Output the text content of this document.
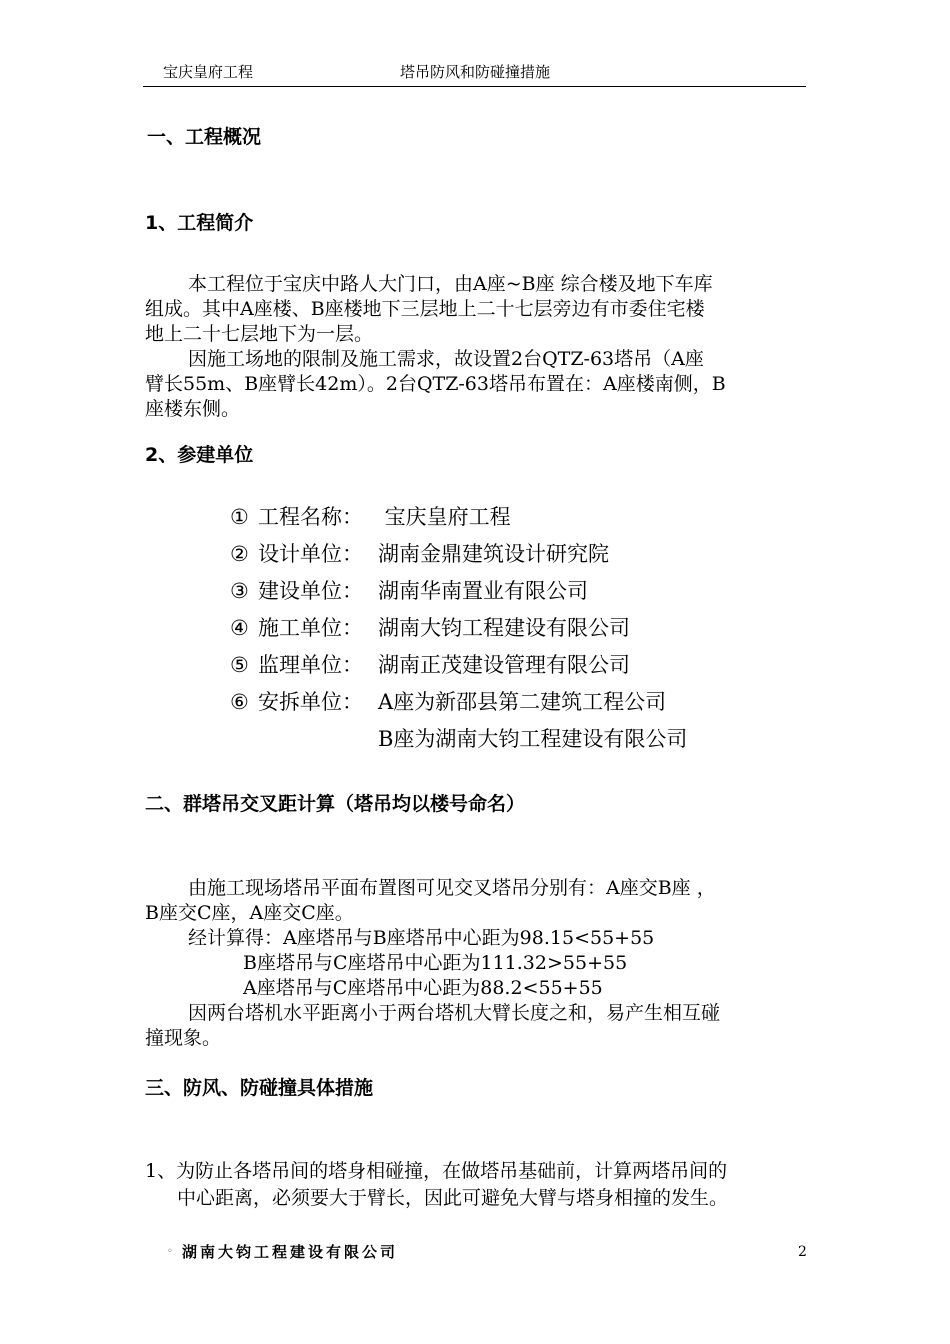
宝庆皇府工程	塔吊防风和防碰撞措施
一、工程概况
1、工程简介
本工程位于宝庆中路人大门口，由A座~B座 综合楼及地下车库
组成。其中A座楼、B座楼地下三层地上二十七层旁边有市委住宅楼
地上二十七层地下为一层。
因施工场地的限制及施工需求，故设置2台QTZ-63塔吊（A座
臂长55m、B座臂长42m）。2台QTZ-63塔吊布置在：A座楼南侧，B
座楼东侧。
2、参建单位
① 工程名称： 宝庆皇府工程
② 设计单位： 湖南金鼎建筑设计研究院
③ 建设单位： 湖南华南置业有限公司
④ 施工单位： 湖南大钧工程建设有限公司
⑤ 监理单位： 湖南正茂建设管理有限公司
⑥ 安拆单位： A座为新邵县第二建筑工程公司
B座为湖南大钧工程建设有限公司
二、群塔吊交叉距计算（塔吊均以楼号命名）
由施工现场塔吊平面布置图可见交叉塔吊分别有：A座交B座 ，
B座交C座，A座交C座。
经计算得：A座塔吊与B座塔吊中心距为98.15<55+55
B座塔吊与C座塔吊中心距为111.32>55+55
A座塔吊与C座塔吊中心距为88.2<55+55
因两台塔机水平距离小于两台塔机大臂长度之和，易产生相互碰
撞现象。
三、防风、防碰撞具体措施
1、为防止各塔吊间的塔身相碰撞，在做塔吊基础前，计算两塔吊间的
中心距离，必须要大于臂长，因此可避免大臂与塔身相撞的发生。
◦ 湖南大钧工程建设有限公司	2
